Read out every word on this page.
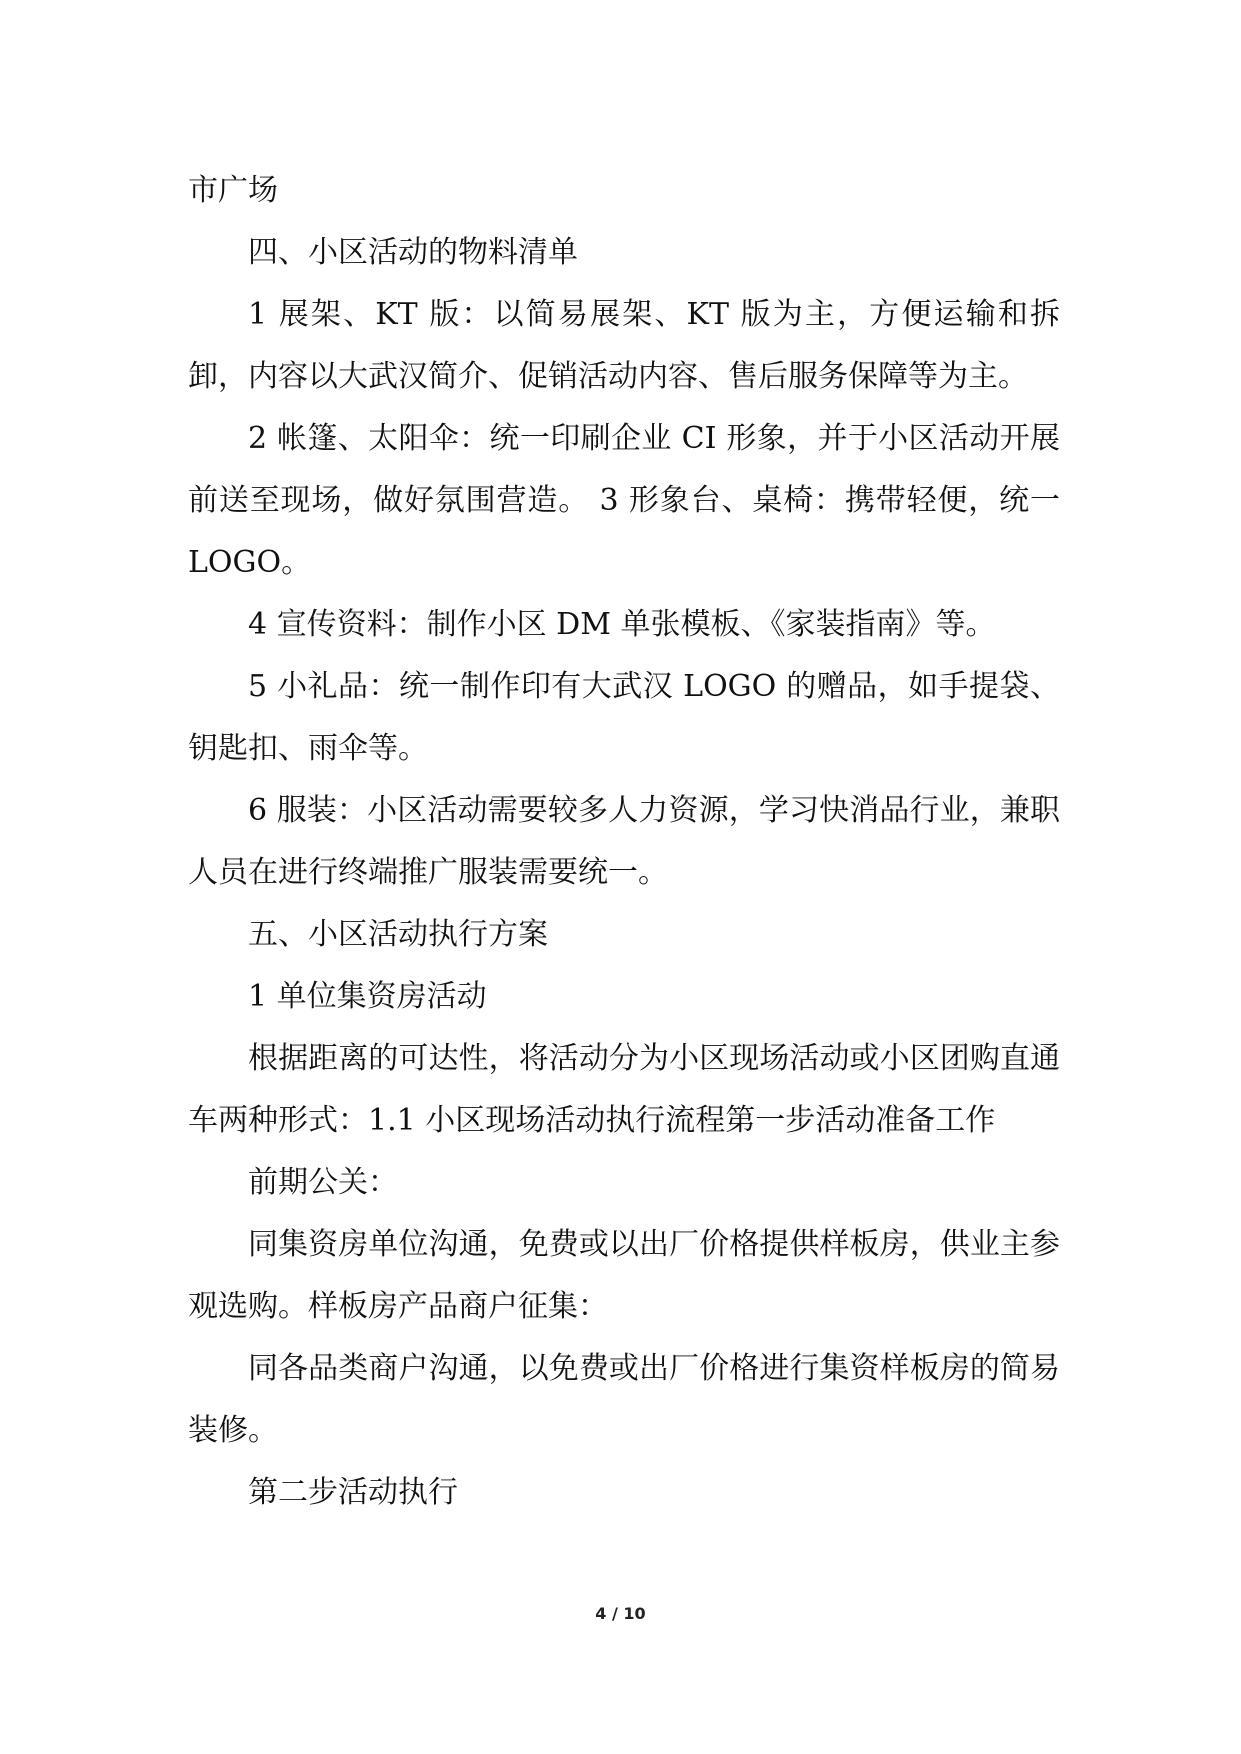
市广场

四、小区活动的物料清单

1 展架、KT 版：以简易展架、KT 版为主，方便运输和拆卸，内容以大武汉简介、促销活动内容、售后服务保障等为主。

2 帐篷、太阳伞：统一印刷企业 CI 形象，并于小区活动开展前送至现场，做好氛围营造。 3 形象台、桌椅：携带轻便，统一 LOGO。

4 宣传资料：制作小区 DM 单张模板、《家装指南》等。

5 小礼品：统一制作印有大武汉 LOGO 的赠品，如手提袋、钥匙扣、雨伞等。

6 服装：小区活动需要较多人力资源，学习快消品行业，兼职人员在进行终端推广服装需要统一。

五、小区活动执行方案

1 单位集资房活动

根据距离的可达性，将活动分为小区现场活动或小区团购直通车两种形式：1.1 小区现场活动执行流程第一步活动准备工作

前期公关：

同集资房单位沟通，免费或以出厂价格提供样板房，供业主参观选购。样板房产品商户征集：

同各品类商户沟通，以免费或出厂价格进行集资样板房的简易装修。

第二步活动执行

4 / 10
